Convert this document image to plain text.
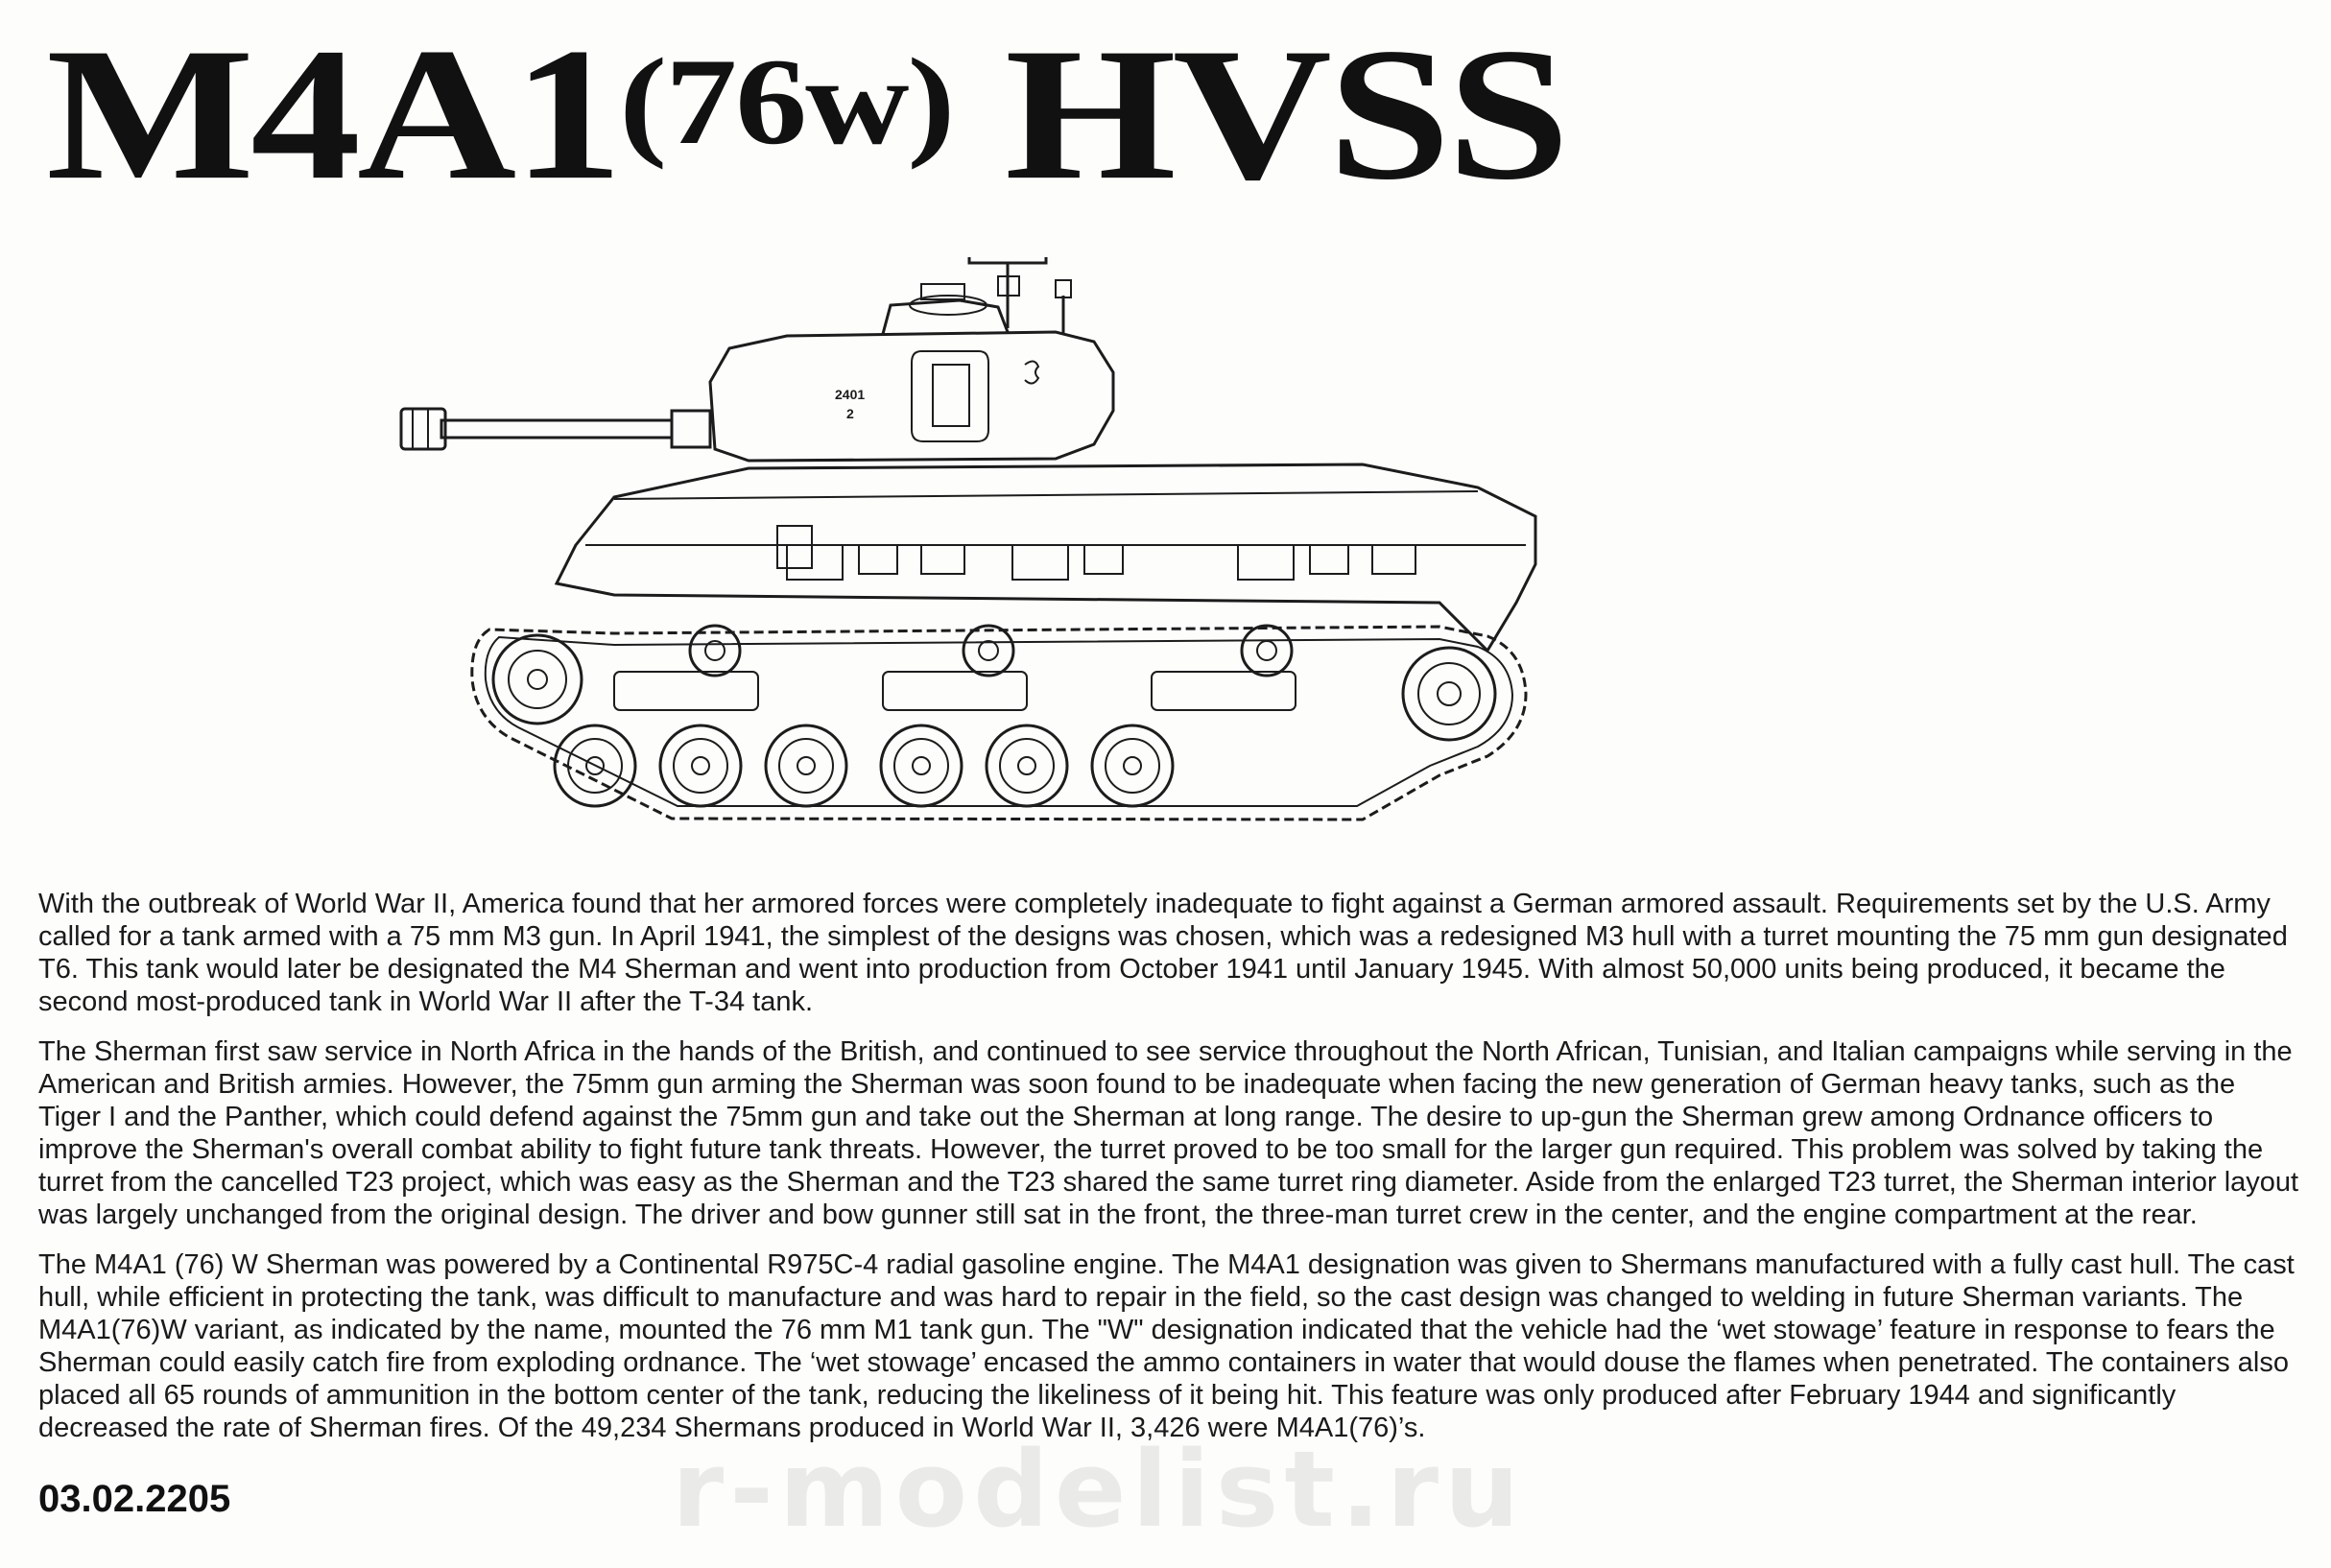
$M4A1^{(76w)}$ HVSS
2401
2

With the outbreak of World War II, America found that her armored forces were completely inadequate to fight against a German armored assault. Requirements set by the U.S. Army called for a tank armed with a 75 mm M3 gun. In April 1941, the simplest of the designs was chosen, which was a redesigned M3 hull with a turret mounting the 75 mm gun designated T6. This tank would later be designated the M4 Sherman and went into production from October 1941 until January 1945. With almost 50,000 units being produced, it became the second most-produced tank in World War II after the T-34 tank.

The Sherman first saw service in North Africa in the hands of the British, and continued to see service throughout the North African, Tunisian, and Italian campaigns while serving in the American and British armies. However, the 75mm gun arming the Sherman was soon found to be inadequate when facing the new generation of German heavy tanks, such as the Tiger I and the Panther, which could defend against the 75mm gun and take out the Sherman at long range. The desire to up-gun the Sherman grew among Ordnance officers to improve the Sherman's overall combat ability to fight future tank threats. However, the turret proved to be too small for the larger gun required. This problem was solved by taking the turret from the cancelled T23 project, which was easy as the Sherman and the T23 shared the same turret ring diameter. Aside from the enlarged T23 turret, the Sherman interior layout was largely unchanged from the original design. The driver and bow gunner still sat in the front, the three-man turret crew in the center, and the engine compartment at the rear.

The M4A1 (76) W Sherman was powered by a Continental R975C-4 radial gasoline engine. The M4A1 designation was given to Shermans manufactured with a fully cast hull. The cast hull, while efficient in protecting the tank, was difficult to manufacture and was hard to repair in the field, so the cast design was changed to welding in future Sherman variants. The M4A1(76)W variant, as indicated by the name, mounted the 76 mm M1 tank gun. The "W" designation indicated that the vehicle had the ‘wet stowage’ feature in response to fears the Sherman could easily catch fire from exploding ordnance. The ‘wet stowage’ encased the ammo containers in water that would douse the flames when penetrated. The containers also placed all 65 rounds of ammunition in the bottom center of the tank, reducing the likeliness of it being hit. This feature was only produced after February 1944 and significantly decreased the rate of Sherman fires. Of the 49,234 Shermans produced in World War II, 3,426 were M4A1(76)’s.

r-modelist.ru
03.02.2205
